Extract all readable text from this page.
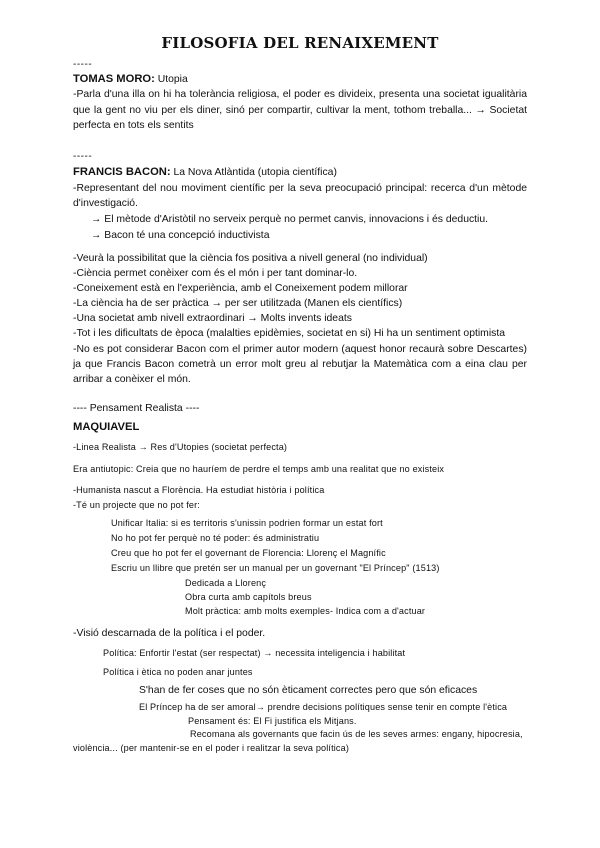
FILOSOFIA DEL RENAIXEMENT
-----
TOMAS MORO: Utopia
-Parla d'una illa on hi ha tolerància religiosa, el poder es divideix, presenta una societat igualitària que la gent no viu per els diner, sinó per compartir, cultivar la ment, tothom treballa... → Societat perfecta en tots els sentits
-----
FRANCIS BACON: La Nova Atlàntida (utopia científica)
-Representant del nou moviment científic per la seva preocupació principal: recerca d'un mètode d'investigació.
→ El mètode d'Aristòtil no serveix perquè no permet canvis, innovacions i és deductiu.
→ Bacon té una concepció inductivista
-Veurà la possibilitat que la ciència fos positiva a nivell general (no individual)
-Ciència permet conèixer com és el món i per tant dominar-lo.
-Coneixement està en l'experiència, amb el Coneixement podem millorar
-La ciència ha de ser pràctica → per ser utilitzada (Manen els científics)
-Una societat amb nivell extraordinari → Molts invents ideats
-Tot i les dificultats de època (malalties epidèmies, societat en si) Hi ha un sentiment optimista
-No es pot considerar Bacon com el primer autor modern (aquest honor recaurà sobre Descartes) ja que Francis Bacon cometrà un error molt greu al rebutjar la Matemàtica com a eina clau per arribar a conèixer el món.
---- Pensament Realista ----
MAQUIAVEL
-Linea Realista → Res d'Utopies (societat perfecta)
Era antiutopic: Creia que no hauríem de perdre el temps amb una realitat que no existeix
-Humanista nascut a Florència. Ha estudiat història i política
-Té un projecte que no pot fer:
Unificar Italia: si es territoris s'unissin podrien formar un estat fort
No ho pot fer perquè no té poder: és administratiu
Creu que ho pot fer el governant de Florencia: Llorenç el Magnífic
Escriu un llibre que pretén ser un manual per un governant "El Príncep" (1513)
Dedicada a Llorenç
Obra curta amb capítols breus
Molt pràctica: amb molts exemples- Indica com a d'actuar
-Visió descarnada de la política i el poder.
Política: Enfortir l'estat (ser respectat) → necessita inteligencia i habilitat
Política i ètica no poden anar juntes
S'han de fer coses que no són èticament correctes pero que són eficaces
El Príncep ha de ser amoral→ prendre decisions polítiques sense tenir en compte l'ètica
Pensament és: El Fi justifica els Mitjans.
Recomana als governants que facin ús de les seves armes: engany, hipocresia,
violència... (per mantenir-se en el poder i realitzar la seva política)
